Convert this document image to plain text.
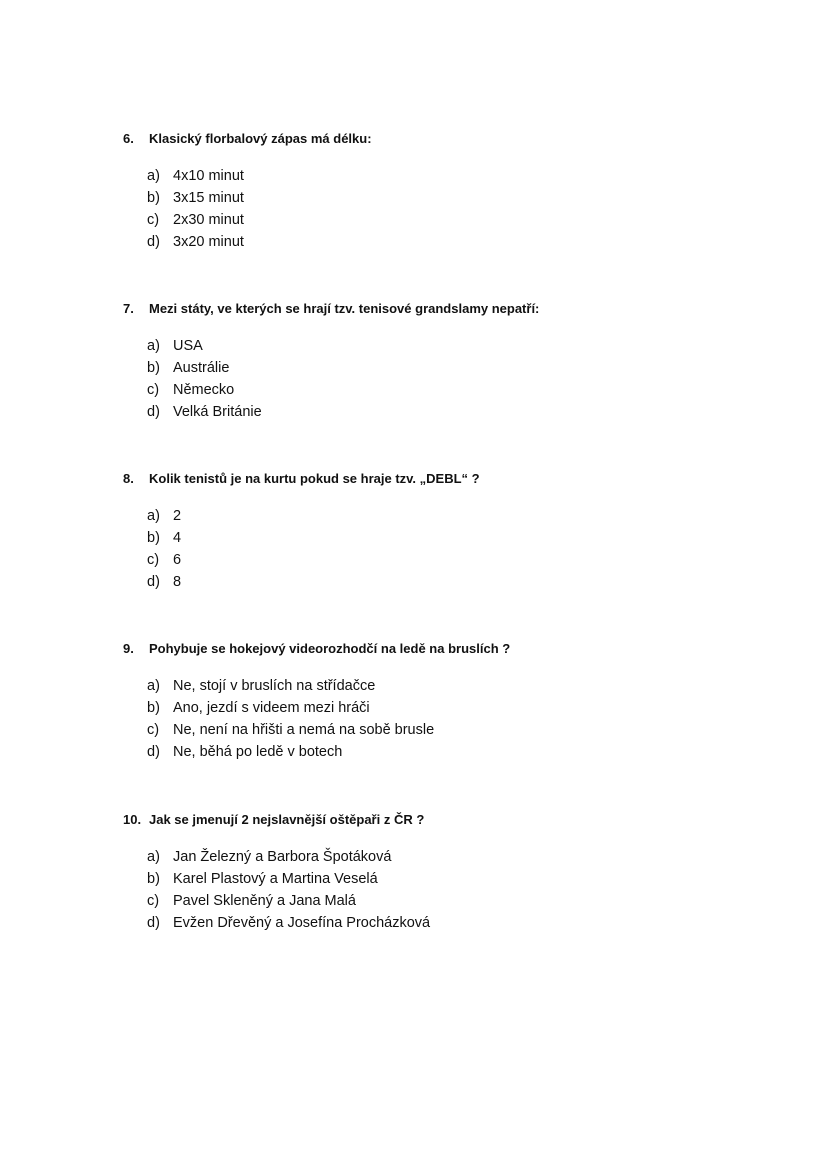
6.	Klasický florbalový zápas má délku:
a) 4x10 minut
b) 3x15 minut
c) 2x30 minut
d) 3x20 minut
7.	Mezi státy, ve kterých se hrají tzv. tenisové grandslamy nepatří:
a) USA
b) Austrálie
c) Německo
d) Velká Británie
8.	Kolik tenistů je na kurtu pokud se hraje tzv. „DEBL“ ?
a) 2
b) 4
c) 6
d) 8
9.	Pohybuje se hokejový videorozhodčí na ledě na bruslích ?
a) Ne, stojí v bruslích na střídačce
b) Ano, jezdí s videem mezi hráči
c) Ne, není na hřišti a nemá na sobě brusle
d) Ne, běhá po ledě v botech
10. Jak se jmenují 2 nejslavnější oštěpaři z ČR ?
a) Jan Železný a Barbora Špotáková
b) Karel Plastový a Martina Veselá
c) Pavel Skleněný a Jana Malá
d) Evžen Dřevěný a Josefína Procházková
